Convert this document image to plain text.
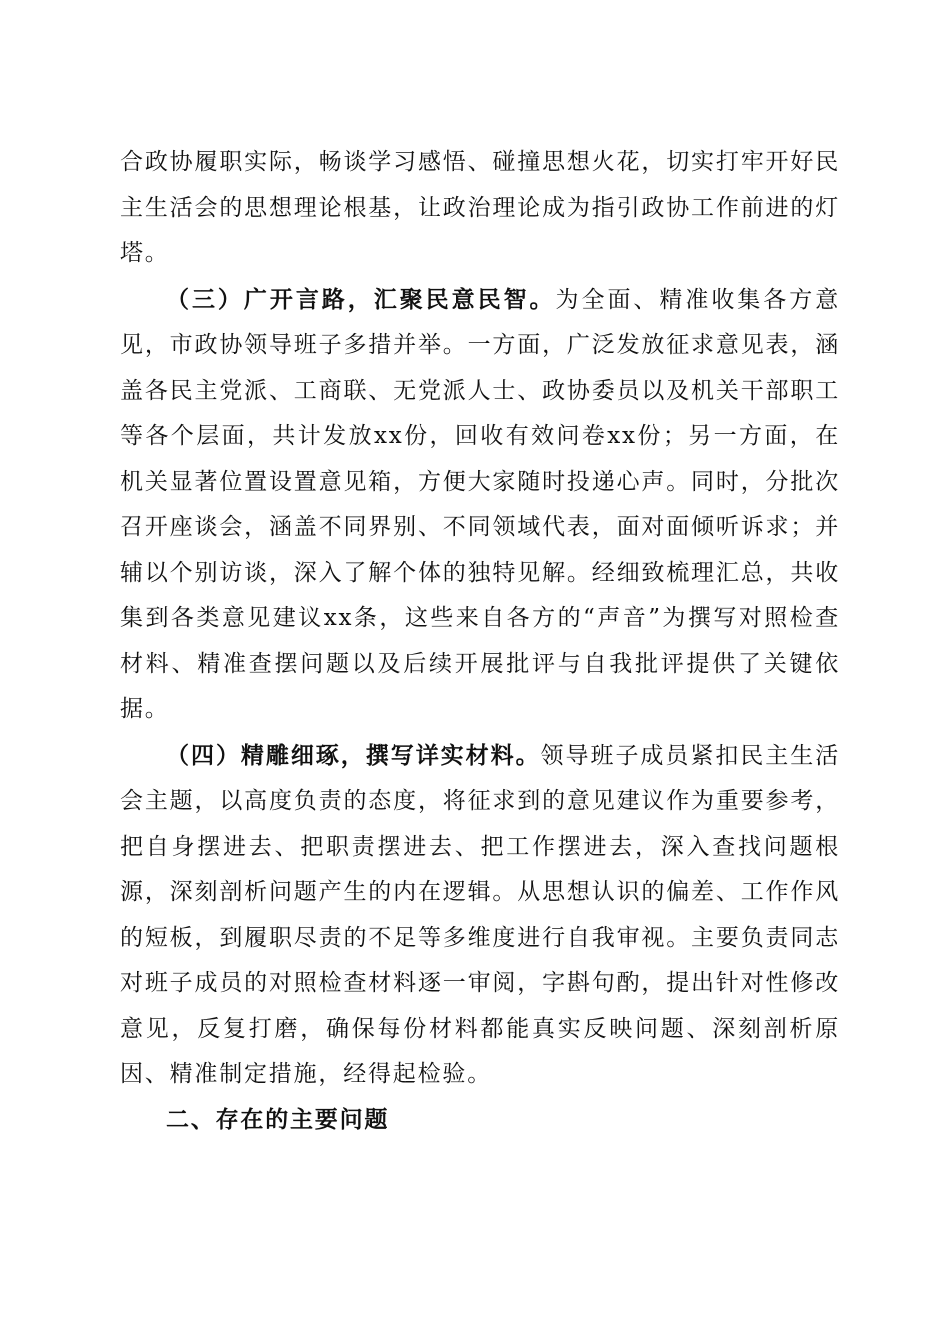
合政协履职实际，畅谈学习感悟、碰撞思想火花，切实打牢开好民主生活会的思想理论根基，让政治理论成为指引政协工作前进的灯塔。

（三）广开言路，汇聚民意民智。为全面、精准收集各方意见，市政协领导班子多措并举。一方面，广泛发放征求意见表，涵盖各民主党派、工商联、无党派人士、政协委员以及机关干部职工等各个层面，共计发放xx份，回收有效问卷xx份；另一方面，在机关显著位置设置意见箱，方便大家随时投递心声。同时，分批次召开座谈会，涵盖不同界别、不同领域代表，面对面倾听诉求；并辅以个别访谈，深入了解个体的独特见解。经细致梳理汇总，共收集到各类意见建议xx条，这些来自各方的“声音”为撰写对照检查材料、精准查摆问题以及后续开展批评与自我批评提供了关键依据。

（四）精雕细琢，撰写详实材料。领导班子成员紧扣民主生活会主题，以高度负责的态度，将征求到的意见建议作为重要参考，把自身摆进去、把职责摆进去、把工作摆进去，深入查找问题根源，深刻剖析问题产生的内在逻辑。从思想认识的偏差、工作作风的短板，到履职尽责的不足等多维度进行自我审视。主要负责同志对班子成员的对照检查材料逐一审阅，字斟句酌，提出针对性修改意见，反复打磨，确保每份材料都能真实反映问题、深刻剖析原因、精准制定措施，经得起检验。

二、存在的主要问题
